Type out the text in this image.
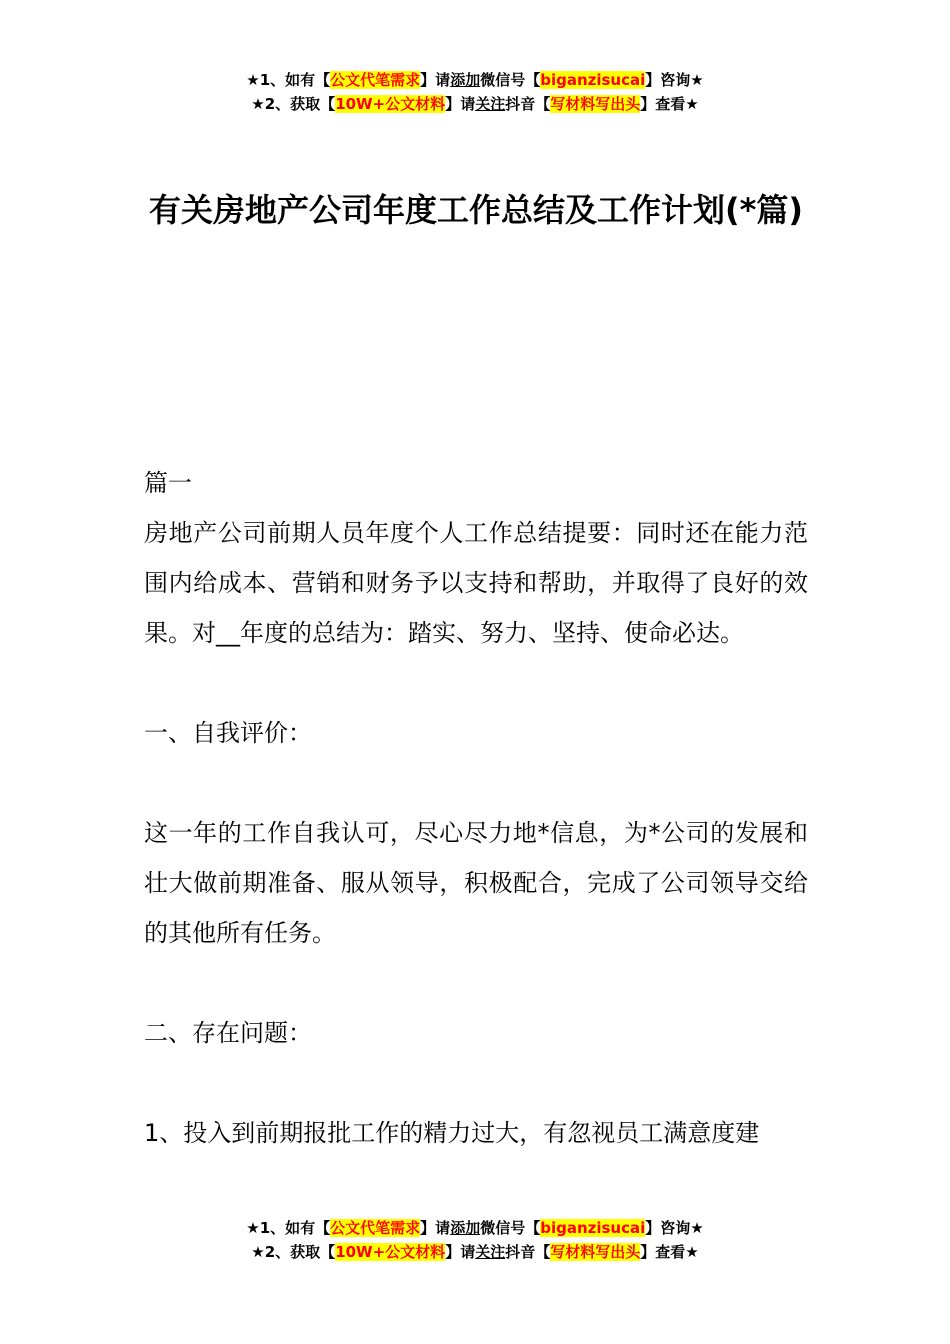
★1、如有【公文代笔需求】请添加微信号【biganzisucai】咨询★
★2、获取【10W+公文材料】请关注抖音【写材料写出头】查看★
有关房地产公司年度工作总结及工作计划(*篇)

篇一

房地产公司前期人员年度个人工作总结提要：同时还在能力范围内给成本、营销和财务予以支持和帮助，并取得了良好的效果。对__年度的总结为：踏实、努力、坚持、使命必达。

一、自我评价：

这一年的工作自我认可，尽心尽力地*信息，为*公司的发展和壮大做前期准备、服从领导，积极配合，完成了公司领导交给的其他所有任务。

二、存在问题：

1、投入到前期报批工作的精力过大，有忽视员工满意度建

★1、如有【公文代笔需求】请添加微信号【biganzisucai】咨询★
★2、获取【10W+公文材料】请关注抖音【写材料写出头】查看★
